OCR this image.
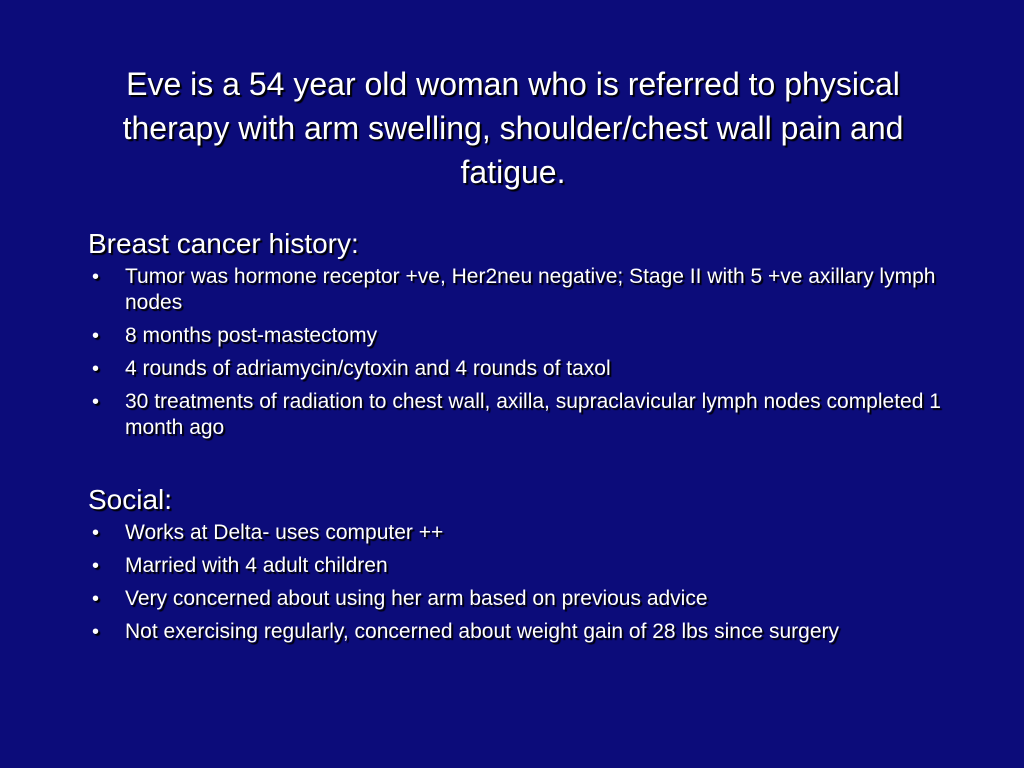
Eve is a 54 year old woman who is referred to physical therapy with arm swelling, shoulder/chest wall pain and fatigue.
Breast cancer history:
• Tumor was hormone receptor +ve, Her2neu negative; Stage II with 5 +ve axillary lymph nodes
• 8 months post-mastectomy
• 4 rounds of adriamycin/cytoxin and 4 rounds of taxol
• 30 treatments of radiation to chest wall, axilla, supraclavicular lymph nodes completed 1 month ago
Social:
• Works at Delta- uses computer ++
• Married with 4 adult children
• Very concerned about using her arm based on previous advice
• Not exercising regularly, concerned about weight gain of 28 lbs since surgery
